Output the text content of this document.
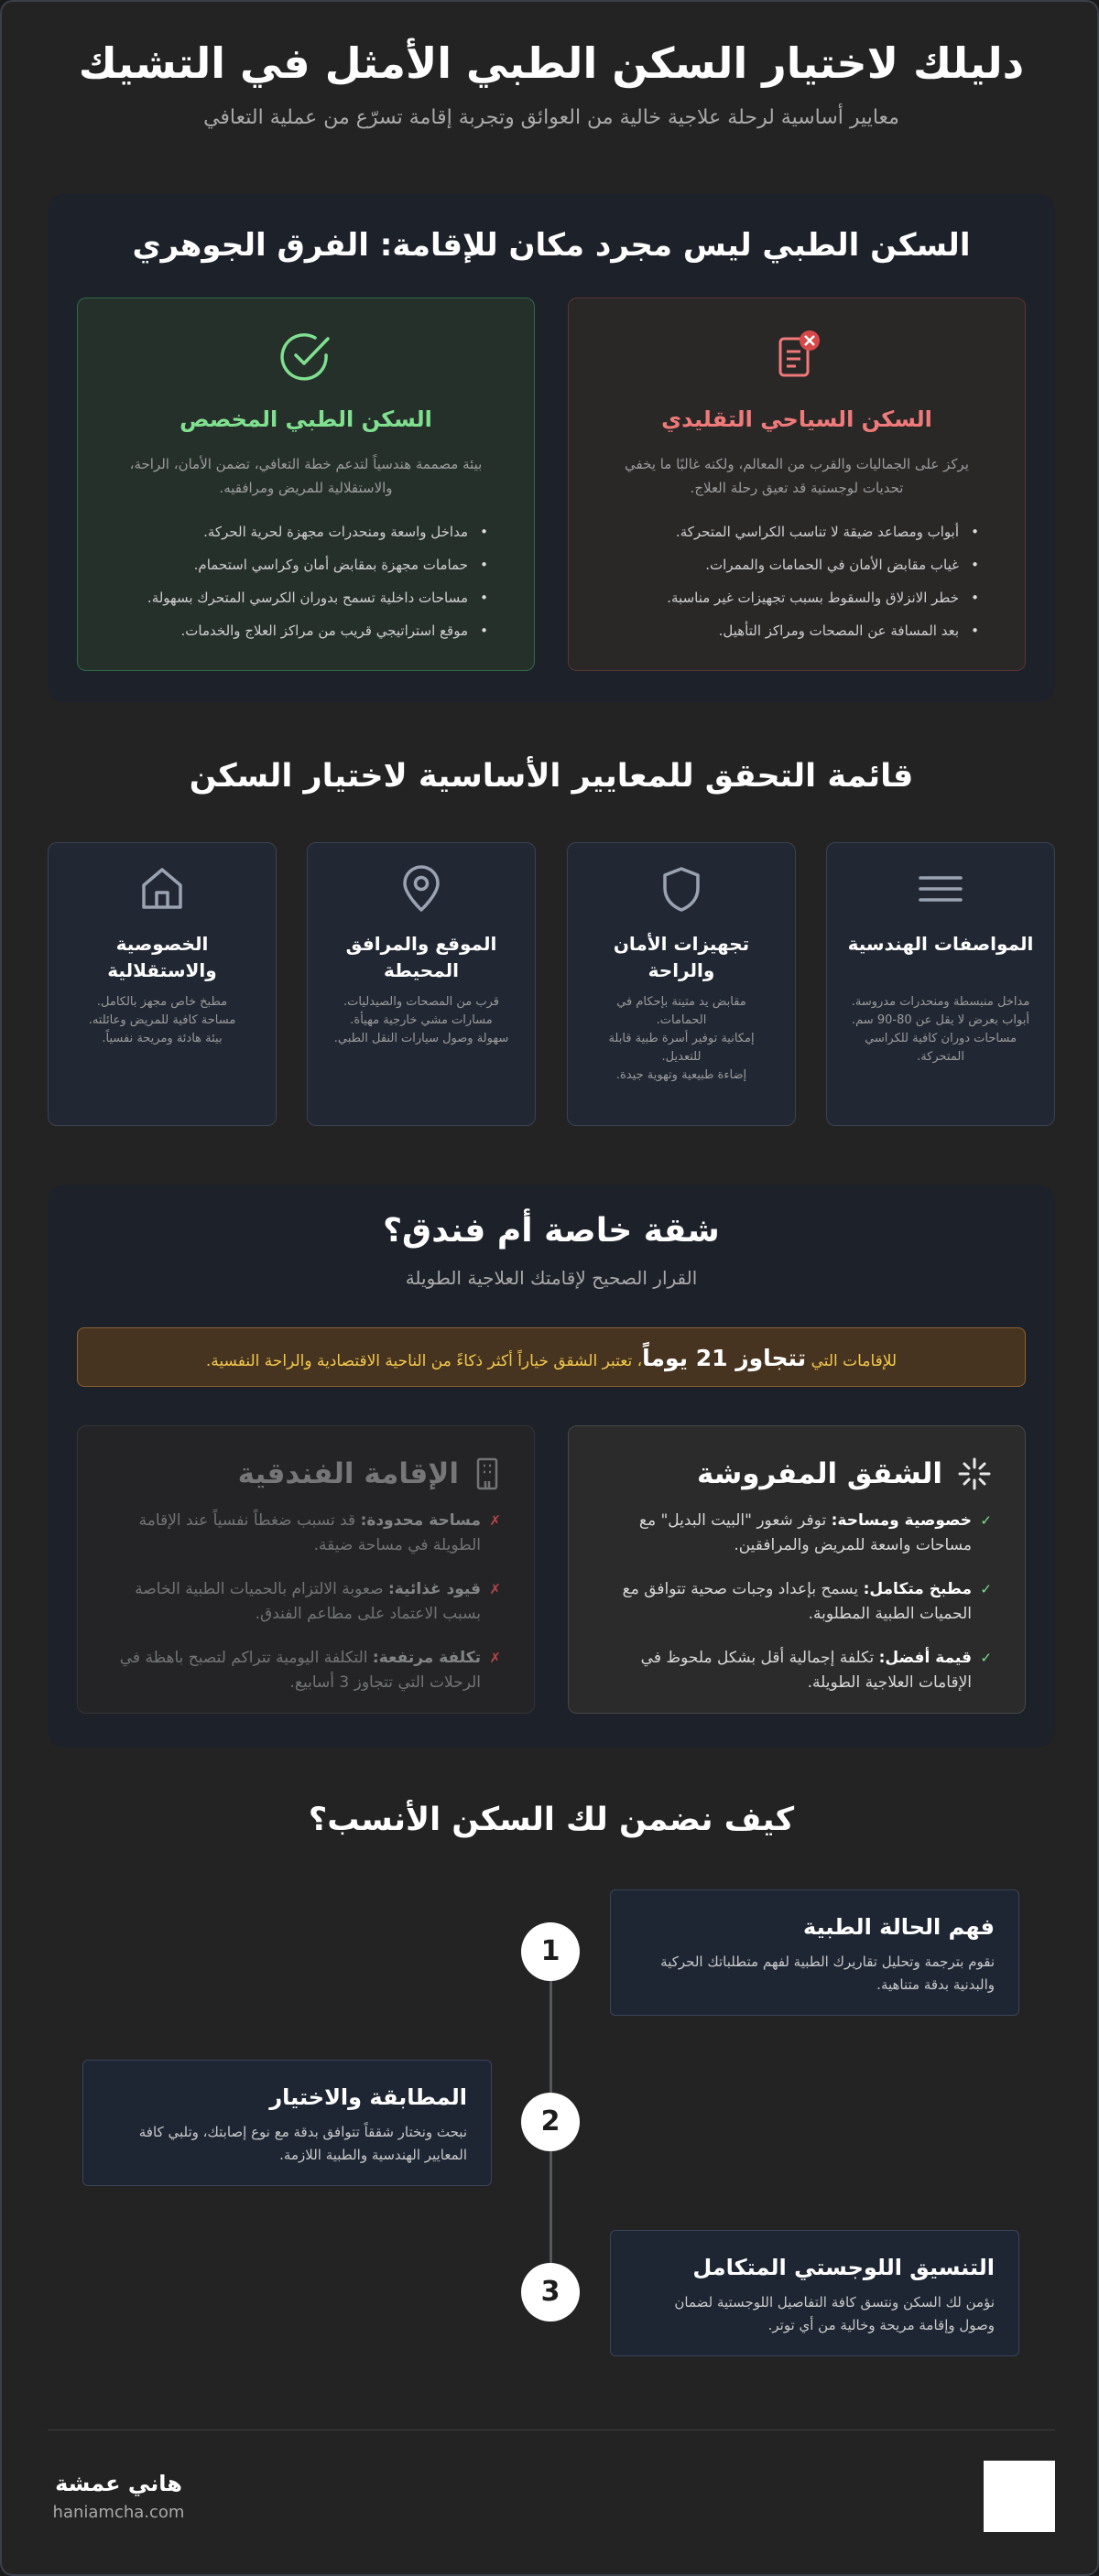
دليلك لاختيار السكن الطبي الأمثل في التشيك

معايير أساسية لرحلة علاجية خالية من العوائق وتجربة إقامة تسرّع من عملية التعافي

السكن الطبي ليس مجرد مكان للإقامة: الفرق الجوهري
السكن السياحي التقليدي

يركز على الجماليات والقرب من المعالم، ولكنه غالبًا ما يخفي تحديات لوجستية قد تعيق رحلة العلاج.

• أبواب ومصاعد ضيقة لا تناسب الكراسي المتحركة.
• غياب مقابض الأمان في الحمامات والممرات.
• خطر الانزلاق والسقوط بسبب تجهيزات غير مناسبة.
• بعد المسافة عن المصحات ومراكز التأهيل.
السكن الطبي المخصص

بيئة مصممة هندسياً لتدعم خطة التعافي، تضمن الأمان، الراحة، والاستقلالية للمريض ومرافقيه.

• مداخل واسعة ومنحدرات مجهزة لحرية الحركة.
• حمامات مجهزة بمقابض أمان وكراسي استحمام.
• مساحات داخلية تسمح بدوران الكرسي المتحرك بسهولة.
• موقع استراتيجي قريب من مراكز العلاج والخدمات.
قائمة التحقق للمعايير الأساسية لاختيار السكن
المواصفات الهندسية

مداخل منبسطة ومنحدرات مدروسة.
أبواب بعرض لا يقل عن 80-90 سم.
مساحات دوران كافية للكراسي المتحركة.

تجهيزات الأمان والراحة

مقابض يد متينة بإحكام في الحمامات.
إمكانية توفير أسرة طبية قابلة للتعديل.
إضاءة طبيعية وتهوية جيدة.

الموقع والمرافق المحيطة

قرب من المصحات والصيدليات.
مسارات مشي خارجية مهيأة.
سهولة وصول سيارات النقل الطبي.

الخصوصية والاستقلالية

مطبخ خاص مجهز بالكامل.
مساحة كافية للمريض وعائلته.
بيئة هادئة ومريحة نفسياً.

شقة خاصة أم فندق؟

القرار الصحيح لإقامتك العلاجية الطويلة

للإقامات التي تتجاوز 21 يوماً، تعتبر الشقق خياراً أكثر ذكاءً من الناحية الاقتصادية والراحة النفسية.
الشقق المفروشة
✓
خصوصية ومساحة: توفر شعور "البيت البديل" مع مساحات واسعة للمريض والمرافقين.
✓
مطبخ متكامل: يسمح بإعداد وجبات صحية تتوافق مع الحميات الطبية المطلوبة.
✓
قيمة أفضل: تكلفة إجمالية أقل بشكل ملحوظ في الإقامات العلاجية الطويلة.
الإقامة الفندقية
✗
مساحة محدودة: قد تسبب ضغطاً نفسياً عند الإقامة الطويلة في مساحة ضيقة.
✗
قيود غذائية: صعوبة الالتزام بالحميات الطبية الخاصة بسبب الاعتماد على مطاعم الفندق.
✗
تكلفة مرتفعة: التكلفة اليومية تتراكم لتصبح باهظة في الرحلات التي تتجاوز 3 أسابيع.
كيف نضمن لك السكن الأنسب؟
1
فهم الحالة الطبية
نقوم بترجمة وتحليل تقاريرك الطبية لفهم متطلباتك الحركية والبدنية بدقة متناهية.
2
المطابقة والاختيار
نبحث ونختار شققاً تتوافق بدقة مع نوع إصابتك، وتلبي كافة المعايير الهندسية والطبية اللازمة.
3
التنسيق اللوجستي المتكامل
نؤمن لك السكن ونتسق كافة التفاصيل اللوجستية لضمان وصول وإقامة مريحة وخالية من أي توتر.
هاني عمشة
haniamcha.com
